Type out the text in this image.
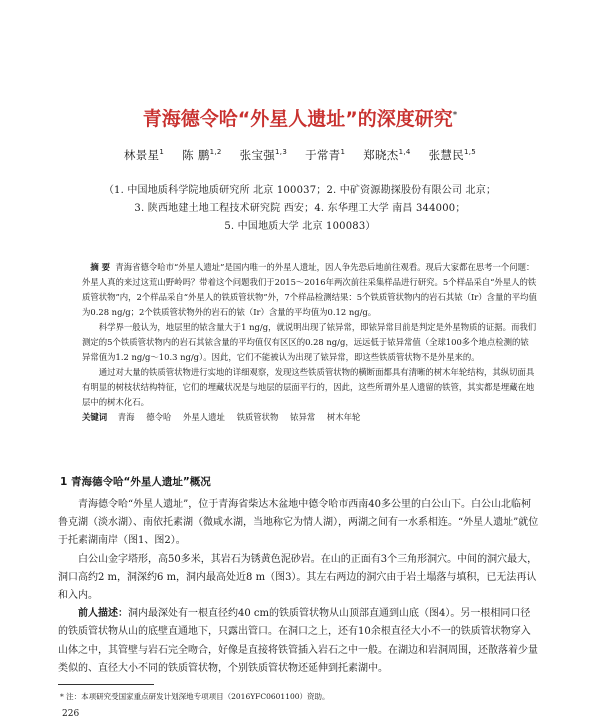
青海德令哈“外星人遗址”的深度研究*
林景星$^1$ 陈 鹏$^{1,2}$ 张宝强$^{1,3}$ 于常青$^1$ 郑晓杰$^{1,4}$ 张慧民$^{1,5}$
（1. 中国地质科学院地质研究所 北京 100037；2. 中矿资源勘探股份有限公司 北京；
3. 陕西地建土地工程技术研究院 西安；4. 东华理工大学 南昌 344000；
5. 中国地质大学 北京 100083）

摘 要 青海省德令哈市“外星人遗址”是国内唯一的外星人遗址，因人争先恐后地前往观看。现后大家都在思考一个问题：外星人真的来过这荒山野岭吗？带着这个问题我们于2015～2016年两次前往采集样品进行研究。5个样品采自“外星人的铁质管状物”内，2个样品采自“外星人的铁质管状物”外，7个样品检测结果：5个铁质管状物内的岩石其铱（Ir）含量的平均值为0.28 ng/g；2个铁质管状物外的岩石的铱（Ir）含量的平均值为0.12 ng/g。

科学界一般认为，地层里的铱含量大于1 ng/g，就说明出现了铱异常，即铱异常目前是判定是外星物质的证据。而我们测定的5个铁质管状物内的岩石其铱含量的平均值仅有区区的0.28 ng/g，远远低于铱异常值（全球100多个地点检测的铱异常值为1.2 ng/g～10.3 ng/g）。因此，它们不能被认为出现了铱异常，即这些铁质管状物不是外星来的。

通过对大量的铁质管状物进行实地的详细观察，发现这些铁质管状物的横断面都具有清晰的树木年轮结构，其纵切面具有明显的树枝状结构特征，它们的埋藏状况是与地层的层面平行的，因此，这些所谓外星人遗留的铁管，其实都是埋藏在地层中的树木化石。

关键词 青海 德令哈 外星人遗址 铁质管状物 铱异常 树木年轮
1 青海德令哈“外星人遗址”概况

青海德令哈“外星人遗址”，位于青海省柴达木盆地中德令哈市西南40多公里的白公山下。白公山北临柯鲁克湖（淡水湖）、南依托素湖（微咸水湖，当地称它为情人湖），两湖之间有一水系相连。“外星人遗址”就位于托素湖南岸（图1、图2）。

白公山金字塔形，高50多米，其岩石为锈黄色泥砂岩。在山的正面有3个三角形洞穴。中间的洞穴最大，洞口高约2 m，洞深约6 m，洞内最高处近8 m（图3）。其左右两边的洞穴由于岩土塌落与填积，已无法再认和入内。

前人描述：洞内最深处有一根直径约40 cm的铁质管状物从山顶部直通到山底（图4）。另一根相同口径的铁质管状物从山的底壁直通地下，只露出管口。在洞口之上，还有10余根直径大小不一的铁质管状物穿入山体之中，其管壁与岩石完全吻合，好像是直接将铁管插入岩石之中一般。在湖边和岩洞周围，还散落着少量类似的、直径大小不同的铁质管状物，个别铁质管状物还延伸到托素湖中。

* 注：本项研究受国家重点研发计划深地专项项目（2016YFC0601100）资助。
226
